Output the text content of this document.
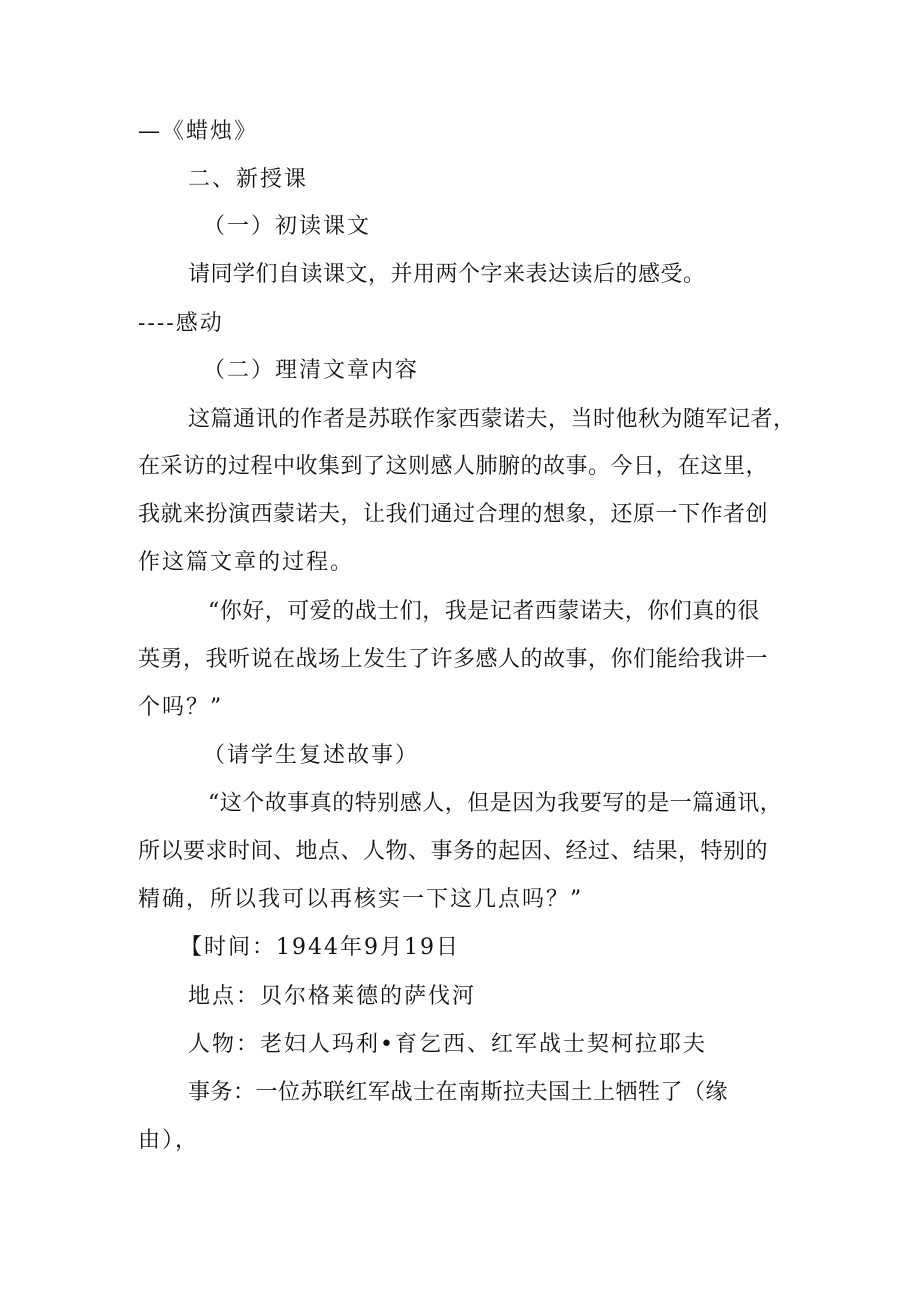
—《蜡烛》
二、新授课
（一）初读课文
请同学们自读课文，并用两个字来表达读后的感受。
----感动
（二）理清文章内容
这篇通讯的作者是苏联作家西蒙诺夫，当时他秋为随军记者，
在采访的过程中收集到了这则感人肺腑的故事。今日，在这里，
我就来扮演西蒙诺夫，让我们通过合理的想象，还原一下作者创
作这篇文章的过程。
“你好，可爱的战士们，我是记者西蒙诺夫，你们真的很
英勇，我听说在战场上发生了许多感人的故事，你们能给我讲一
个吗？”
（请学生复述故事）
“这个故事真的特别感人，但是因为我要写的是一篇通讯，
所以要求时间、地点、人物、事务的起因、经过、结果，特别的
精确，所以我可以再核实一下这几点吗？”
【时间：1944年9月19日
地点：贝尔格莱德的萨伐河
人物：老妇人玛利•育乞西、红军战士契柯拉耶夫
事务：一位苏联红军战士在南斯拉夫国土上牺牲了（缘
由），
